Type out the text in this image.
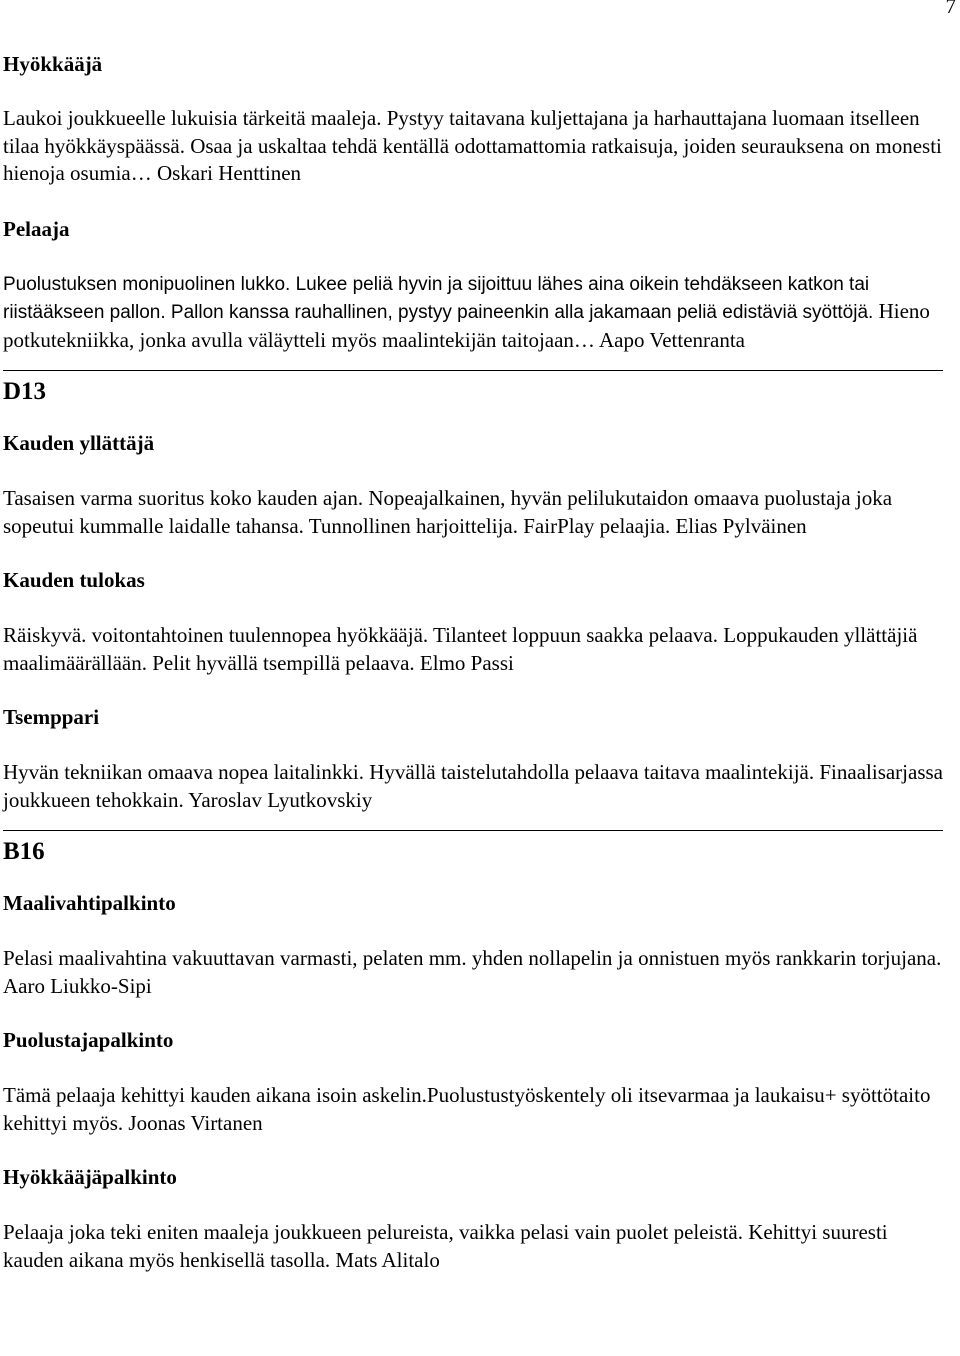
7
Hyökkääjä

Laukoi joukkueelle lukuisia tärkeitä maaleja. Pystyy taitavana kuljettajana ja harhauttajana luomaan itselleen tilaa hyökkäyspäässä. Osaa ja uskaltaa tehdä kentällä odottamattomia ratkaisuja, joiden seurauksena on monesti hienoja osumia… Oskari Henttinen

Pelaaja

Puolustuksen monipuolinen lukko. Lukee peliä hyvin ja sijoittuu lähes aina oikein tehdäkseen katkon tai riistääkseen pallon. Pallon kanssa rauhallinen, pystyy paineenkin alla jakamaan peliä edistäviä syöttöjä. Hieno potkutekniikka, jonka avulla väläytteli myös maalintekijän taitojaan… Aapo Vettenranta

D13
Kauden yllättäjä

Tasaisen varma suoritus koko kauden ajan. Nopeajalkainen, hyvän pelilukutaidon omaava puolustaja joka sopeutui kummalle laidalle tahansa. Tunnollinen harjoittelija. FairPlay pelaajia. Elias Pylväinen

Kauden tulokas

Räiskyvä. voitontahtoinen tuulennopea hyökkääjä. Tilanteet loppuun saakka pelaava. Loppukauden yllättäjiä maalimäärällään. Pelit hyvällä tsempillä pelaava. Elmo Passi

Tsemppari

Hyvän tekniikan omaava nopea laitalinkki. Hyvällä taistelutahdolla pelaava taitava maalintekijä. Finaalisarjassa joukkueen tehokkain. Yaroslav Lyutkovskiy

B16
Maalivahtipalkinto

Pelasi maalivahtina vakuuttavan varmasti, pelaten mm. yhden nollapelin ja onnistuen myös rankkarin torjujana. Aaro Liukko-Sipi

Puolustajapalkinto

Tämä pelaaja kehittyi kauden aikana isoin askelin.Puolustustyöskentely oli itsevarmaa ja laukaisu+ syöttötaito kehittyi myös. Joonas Virtanen

Hyökkääjäpalkinto

Pelaaja joka teki eniten maaleja joukkueen pelureista, vaikka pelasi vain puolet peleistä. Kehittyi suuresti kauden aikana myös henkisellä tasolla. Mats Alitalo
